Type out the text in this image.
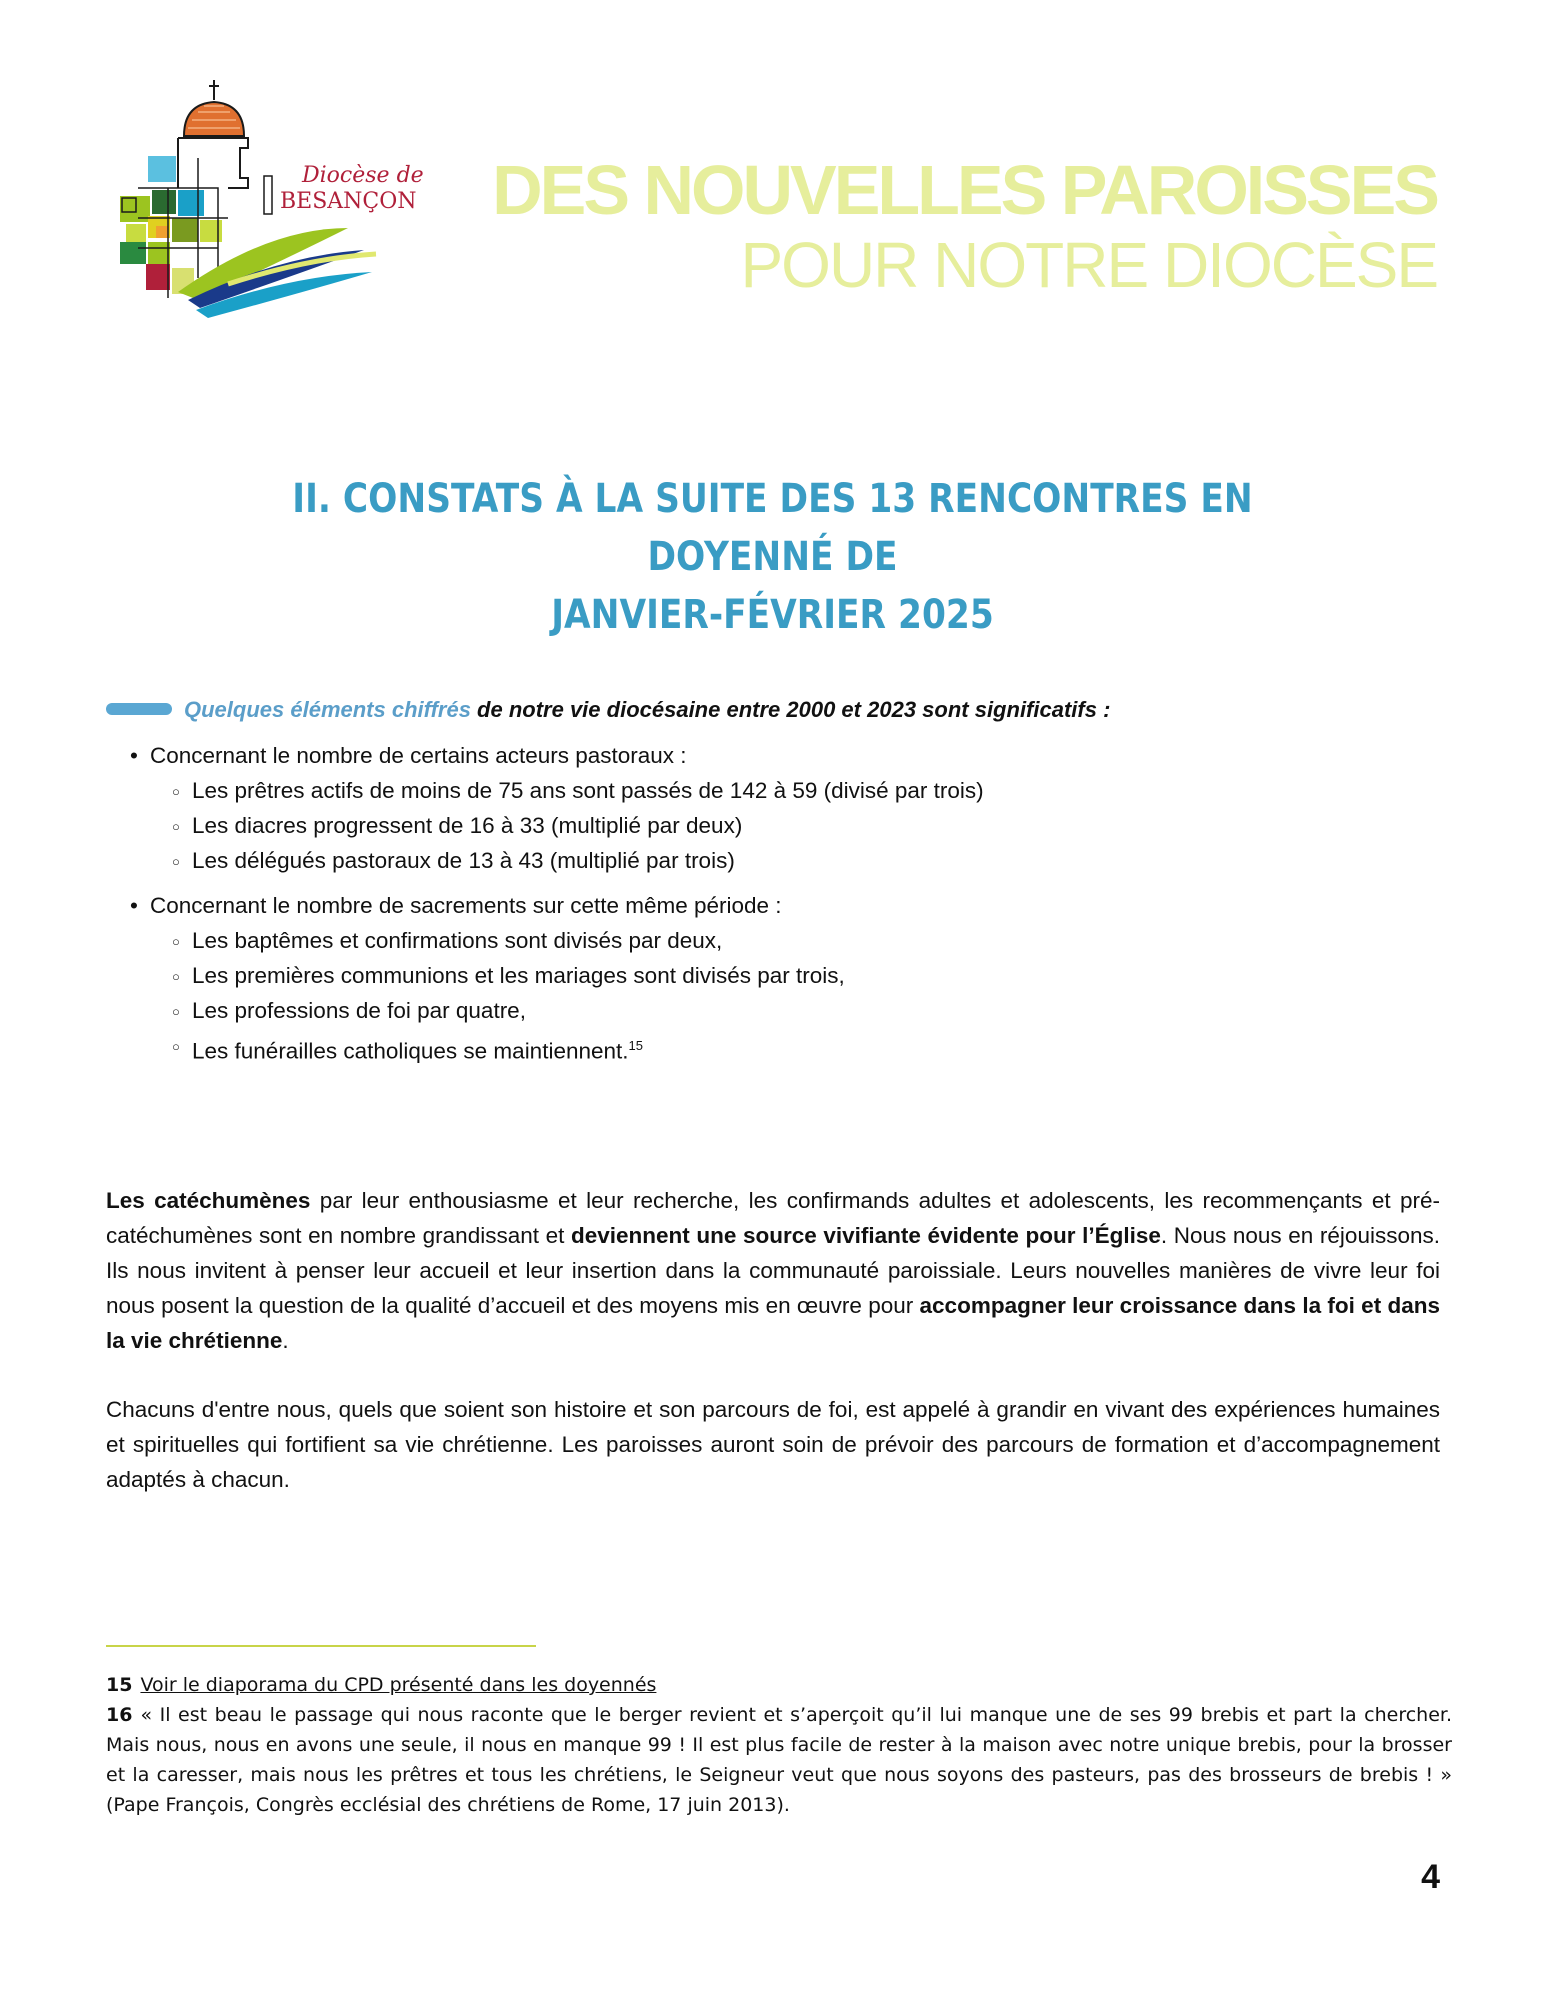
Diocèse de
BESANÇON DES NOUVELLES PAROISSES
POUR NOTRE DIOCÈSE
II. CONSTATS À LA SUITE DES 13 RENCONTRES EN DOYENNÉ DE
JANVIER-FÉVRIER 2025
Quelques éléments chiffrés de notre vie diocésaine entre 2000 et 2023 sont significatifs :
• Concernant le nombre de certains acteurs pastoraux :
○ Les prêtres actifs de moins de 75 ans sont passés de 142 à 59 (divisé par trois)
○ Les diacres progressent de 16 à 33 (multiplié par deux)
○ Les délégués pastoraux de 13 à 43 (multiplié par trois)
• Concernant le nombre de sacrements sur cette même période :
○ Les baptêmes et confirmations sont divisés par deux,
○ Les premières communions et les mariages sont divisés par trois,
○ Les professions de foi par quatre,
○ Les funérailles catholiques se maintiennent.$^{15}$
Les catéchumènes par leur enthousiasme et leur recherche, les confirmands adultes et adolescents, les recommençants et pré-catéchumènes sont en nombre grandissant et deviennent une source vivifiante évidente pour l’Église. Nous nous en réjouissons. Ils nous invitent à penser leur accueil et leur insertion dans la communauté paroissiale. Leurs nouvelles manières de vivre leur foi nous posent la question de la qualité d’accueil et des moyens mis en œuvre pour accompagner leur croissance dans la foi et dans la vie chrétienne.
Chacuns d'entre nous, quels que soient son histoire et son parcours de foi, est appelé à grandir en vivant des expériences humaines et spirituelles qui fortifient sa vie chrétienne. Les paroisses auront soin de prévoir des parcours de formation et d’accompagnement adaptés à chacun.
15 Voir le diaporama du CPD présenté dans les doyennés
16 « Il est beau le passage qui nous raconte que le berger revient et s’aperçoit qu’il lui manque une de ses 99 brebis et part la chercher. Mais nous, nous en avons une seule, il nous en manque 99 ! Il est plus facile de rester à la maison avec notre unique brebis, pour la brosser et la caresser, mais nous les prêtres et tous les chrétiens, le Seigneur veut que nous soyons des pasteurs, pas des brosseurs de brebis ! » (Pape François, Congrès ecclésial des chrétiens de Rome, 17 juin 2013).
4
